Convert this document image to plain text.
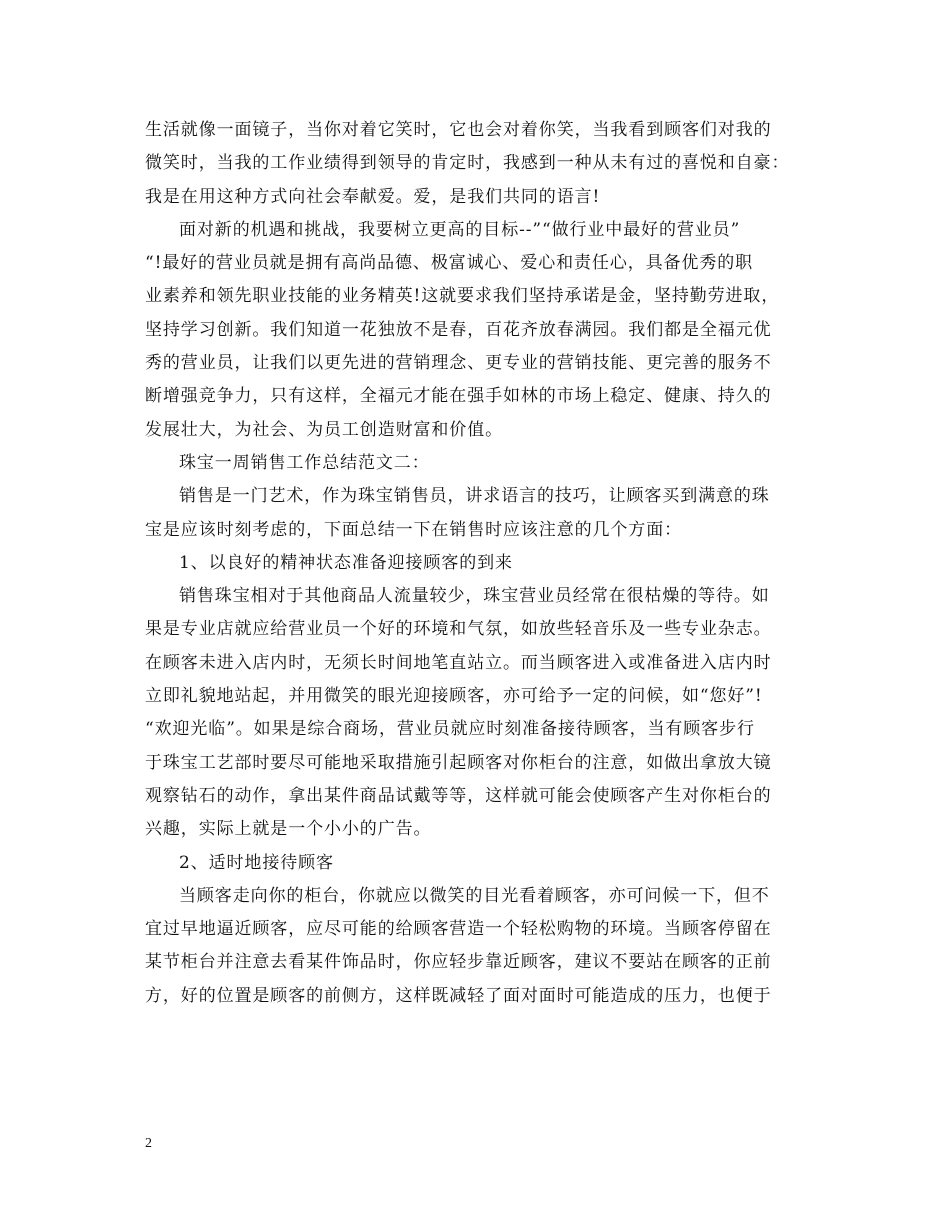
生活就像一面镜子，当你对着它笑时，它也会对着你笑，当我看到顾客们对我的
微笑时，当我的工作业绩得到领导的肯定时，我感到一种从未有过的喜悦和自豪：
我是在用这种方式向社会奉献爱。爱，是我们共同的语言!
面对新的机遇和挑战，我要树立更高的目标--”“做行业中最好的营业员”
“!最好的营业员就是拥有高尚品德、极富诚心、爱心和责任心，具备优秀的职
业素养和领先职业技能的业务精英!这就要求我们坚持承诺是金，坚持勤劳进取，
坚持学习创新。我们知道一花独放不是春，百花齐放春满园。我们都是全福元优
秀的营业员，让我们以更先进的营销理念、更专业的营销技能、更完善的服务不
断增强竞争力，只有这样，全福元才能在强手如林的市场上稳定、健康、持久的
发展壮大，为社会、为员工创造财富和价值。
珠宝一周销售工作总结范文二：
销售是一门艺术，作为珠宝销售员，讲求语言的技巧，让顾客买到满意的珠
宝是应该时刻考虑的，下面总结一下在销售时应该注意的几个方面：
1、以良好的精神状态准备迎接顾客的到来
销售珠宝相对于其他商品人流量较少，珠宝营业员经常在很枯燥的等待。如
果是专业店就应给营业员一个好的环境和气氛，如放些轻音乐及一些专业杂志。
在顾客未进入店内时，无须长时间地笔直站立。而当顾客进入或准备进入店内时
立即礼貌地站起，并用微笑的眼光迎接顾客，亦可给予一定的问候，如“您好”!
“欢迎光临”。如果是综合商场，营业员就应时刻准备接待顾客，当有顾客步行
于珠宝工艺部时要尽可能地采取措施引起顾客对你柜台的注意，如做出拿放大镜
观察钻石的动作，拿出某件商品试戴等等，这样就可能会使顾客产生对你柜台的
兴趣，实际上就是一个小小的广告。
2、适时地接待顾客
当顾客走向你的柜台，你就应以微笑的目光看着顾客，亦可问候一下，但不
宜过早地逼近顾客，应尽可能的给顾客营造一个轻松购物的环境。当顾客停留在
某节柜台并注意去看某件饰品时，你应轻步靠近顾客，建议不要站在顾客的正前
方，好的位置是顾客的前侧方，这样既减轻了面对面时可能造成的压力，也便于
2
